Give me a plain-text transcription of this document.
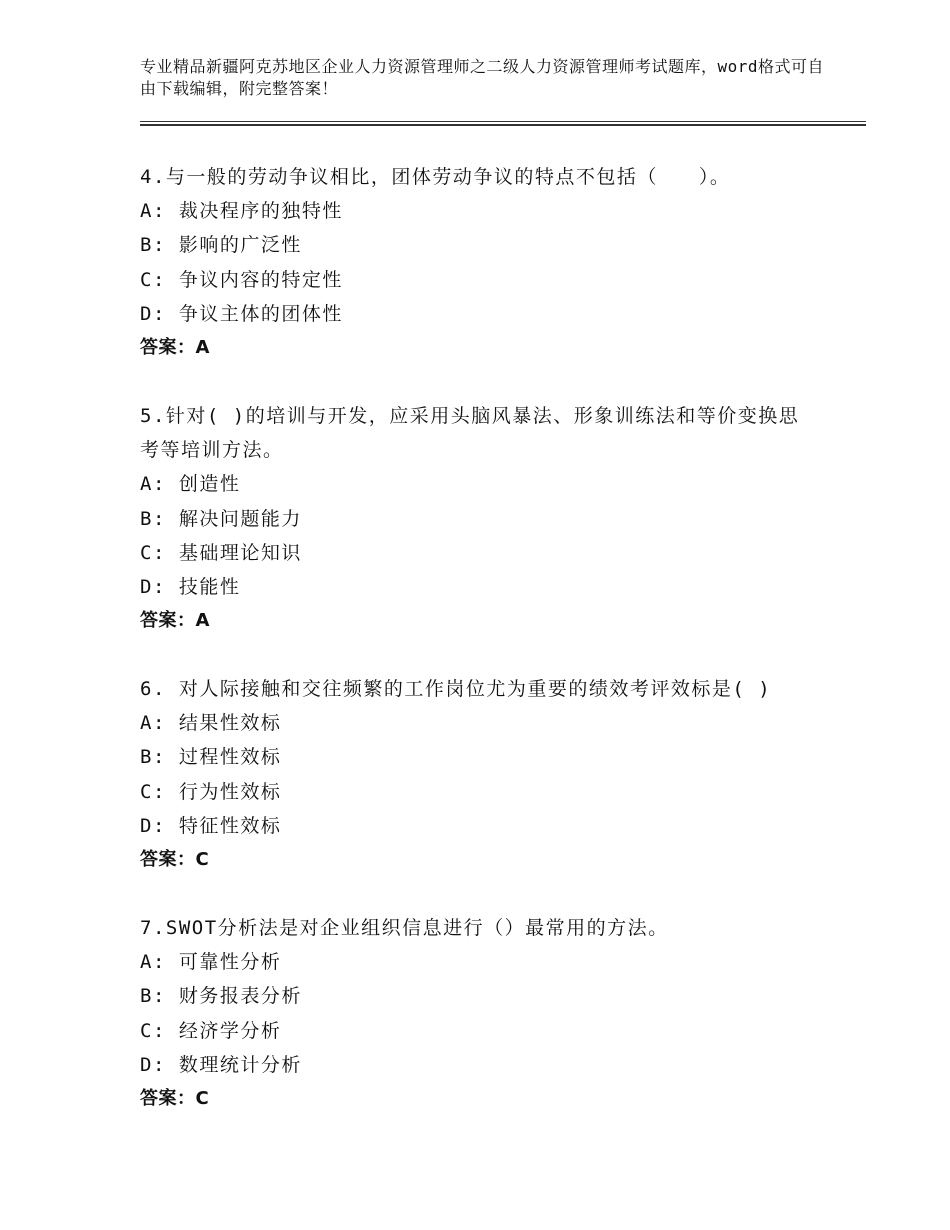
专业精品新疆阿克苏地区企业人力资源管理师之二级人力资源管理师考试题库，word格式可自由下载编辑，附完整答案！
4.与一般的劳动争议相比，团体劳动争议的特点不包括（　　）。
A: 裁决程序的独特性
B: 影响的广泛性
C: 争议内容的特定性
D: 争议主体的团体性
答案：A
5.针对( )的培训与开发，应采用头脑风暴法、形象训练法和等价变换思考等培训方法。
A: 创造性
B: 解决问题能力
C: 基础理论知识
D: 技能性
答案：A
6. 对人际接触和交往频繁的工作岗位尤为重要的绩效考评效标是( )
A: 结果性效标
B: 过程性效标
C: 行为性效标
D: 特征性效标
答案：C
7.SWOT分析法是对企业组织信息进行（）最常用的方法。
A: 可靠性分析
B: 财务报表分析
C: 经济学分析
D: 数理统计分析
答案：C
